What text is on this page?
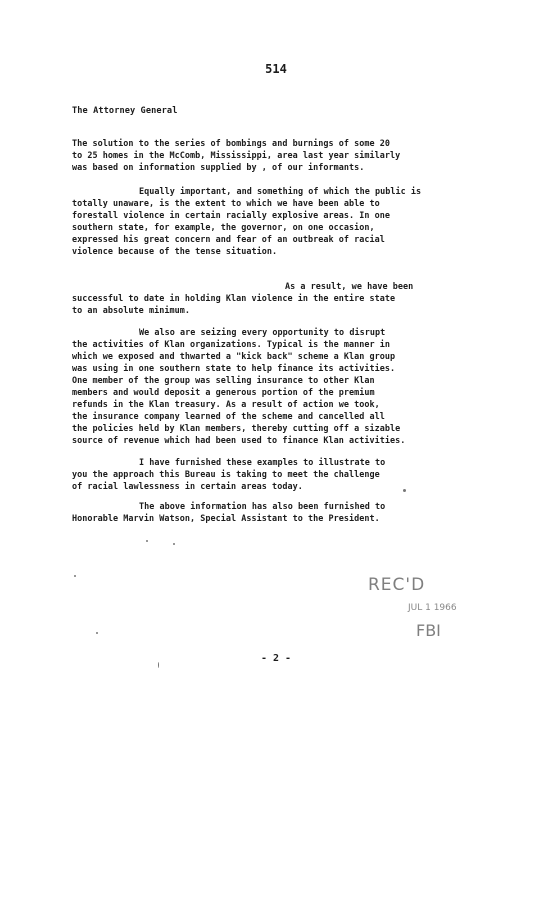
514
The Attorney General
The solution to the series of bombings and burnings of some 20
to 25 homes in the McComb, Mississippi, area last year similarly
was based on information supplied by , of our informants.
Equally important, and something of which the public is
totally unaware, is the extent to which we have been able to
forestall violence in certain racially explosive areas. In one
southern state, for example, the governor, on one occasion,
expressed his great concern and fear of an outbreak of racial
violence because of the tense situation.
As a result, we have been
successful to date in holding Klan violence in the entire state
to an absolute minimum.
We also are seizing every opportunity to disrupt
the activities of Klan organizations. Typical is the manner in
which we exposed and thwarted a "kick back" scheme a Klan group
was using in one southern state to help finance its activities.
One member of the group was selling insurance to other Klan
members and would deposit a generous portion of the premium
refunds in the Klan treasury. As a result of action we took,
the insurance company learned of the scheme and cancelled all
the policies held by Klan members, thereby cutting off a sizable
source of revenue which had been used to finance Klan activities.
I have furnished these examples to illustrate to
you the approach this Bureau is taking to meet the challenge
of racial lawlessness in certain areas today.
The above information has also been furnished to
Honorable Marvin Watson, Special Assistant to the President.
REC'D
JUL 1 1966
FBI
- 2 -
